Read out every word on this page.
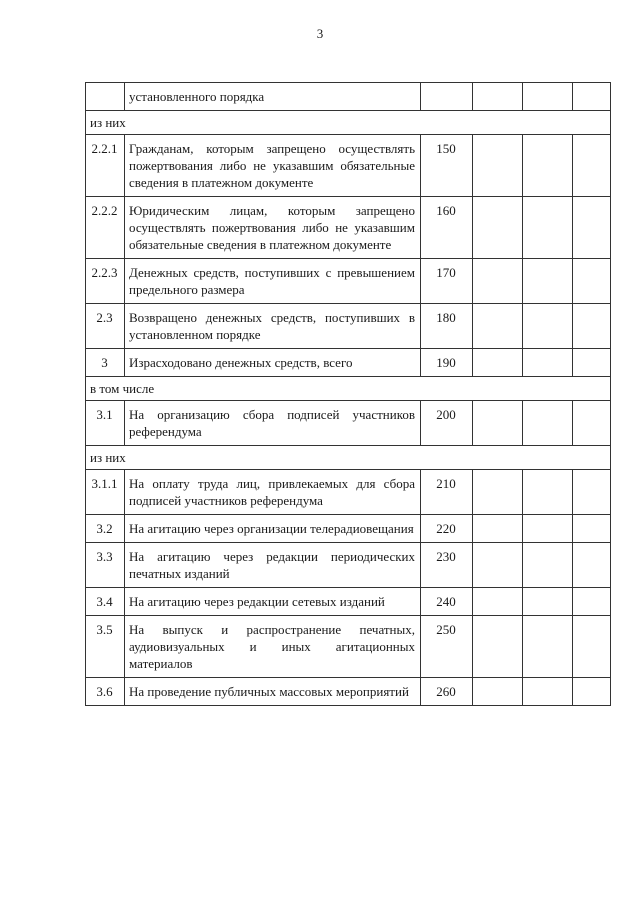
3
	установленного порядка				
из них					
2.2.1	Гражданам, которым запрещено осуществлять пожертвования либо не указавшим обязательные сведения в платежном документе	150			
2.2.2	Юридическим лицам, которым запрещено осуществлять пожертвования либо не указавшим обязательные сведения в платежном документе	160			
2.2.3	Денежных средств, поступивших с превышением предельного размера	170			
2.3	Возвращено денежных средств, поступивших в установленном порядке	180			
3	Израсходовано денежных средств, всего	190			
в том числе					
3.1	На организацию сбора подписей участников референдума	200			
из них					
3.1.1	На оплату труда лиц, привлекаемых для сбора подписей участников референдума	210			
3.2	На агитацию через организации телерадиовещания	220			
3.3	На агитацию через редакции периодических печатных изданий	230			
3.4	На агитацию через редакции сетевых изданий	240			
3.5	На выпуск и распространение печатных, аудиовизуальных и иных агитационных материалов	250			
3.6	На проведение публичных массовых мероприятий	260			
